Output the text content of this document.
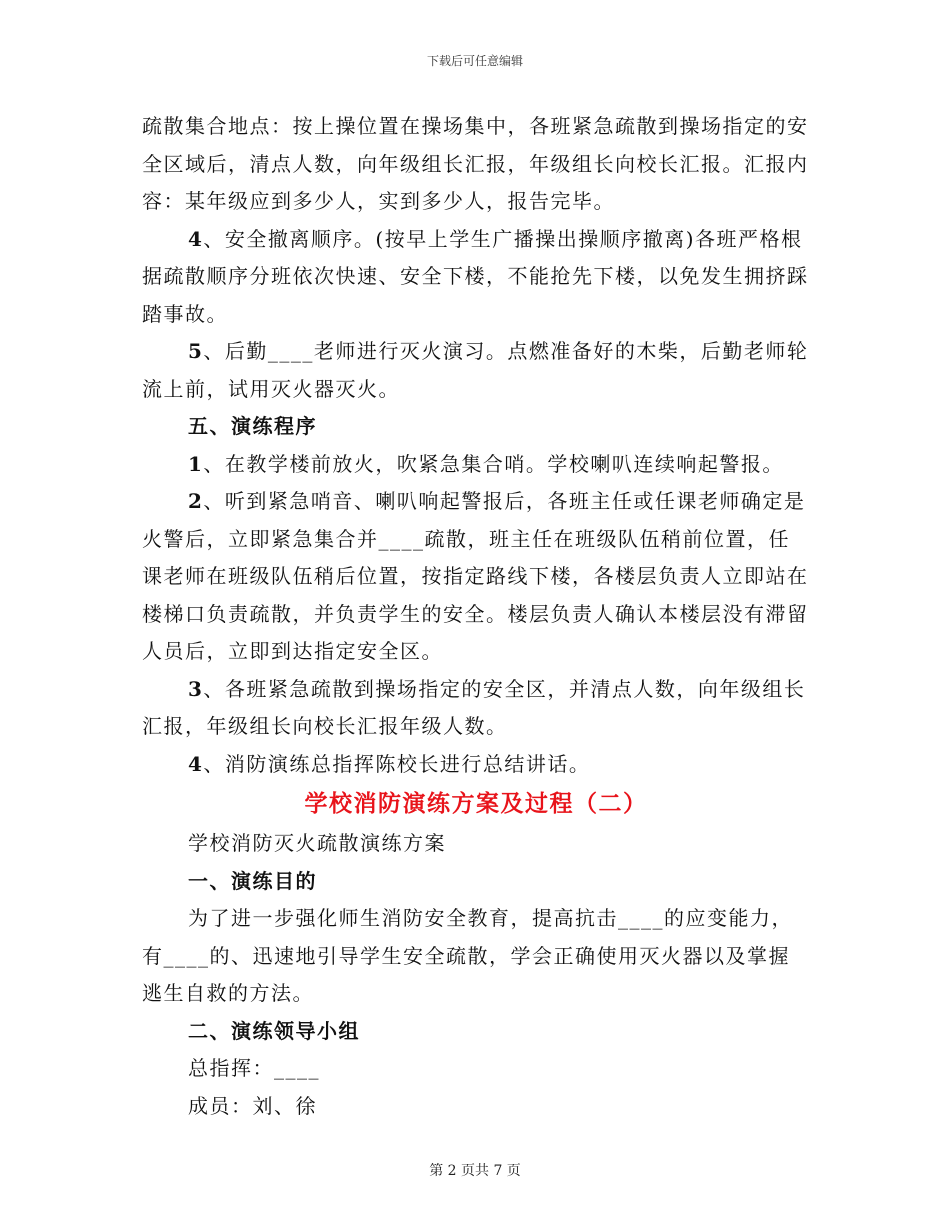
下载后可任意编辑

疏散集合地点：按上操位置在操场集中，各班紧急疏散到操场指定的安全区域后，清点人数，向年级组长汇报，年级组长向校长汇报。汇报内容：某年级应到多少人，实到多少人，报告完毕。

4、安全撤离顺序。(按早上学生广播操出操顺序撤离)各班严格根据疏散顺序分班依次快速、安全下楼，不能抢先下楼，以免发生拥挤踩踏事故。

5、后勤____老师进行灭火演习。点燃准备好的木柴，后勤老师轮流上前，试用灭火器灭火。

五、演练程序

1、在教学楼前放火，吹紧急集合哨。学校喇叭连续响起警报。

2、听到紧急哨音、喇叭响起警报后，各班主任或任课老师确定是火警后，立即紧急集合并____疏散，班主任在班级队伍稍前位置，任课老师在班级队伍稍后位置，按指定路线下楼，各楼层负责人立即站在楼梯口负责疏散，并负责学生的安全。楼层负责人确认本楼层没有滞留人员后，立即到达指定安全区。

3、各班紧急疏散到操场指定的安全区，并清点人数，向年级组长汇报，年级组长向校长汇报年级人数。

4、消防演练总指挥陈校长进行总结讲话。

学校消防演练方案及过程（二）

学校消防灭火疏散演练方案

一、演练目的

为了进一步强化师生消防安全教育，提高抗击____的应变能力，有____的、迅速地引导学生安全疏散，学会正确使用灭火器以及掌握逃生自救的方法。

二、演练领导小组

总指挥：____

成员：刘、徐

第 2 页共 7 页
